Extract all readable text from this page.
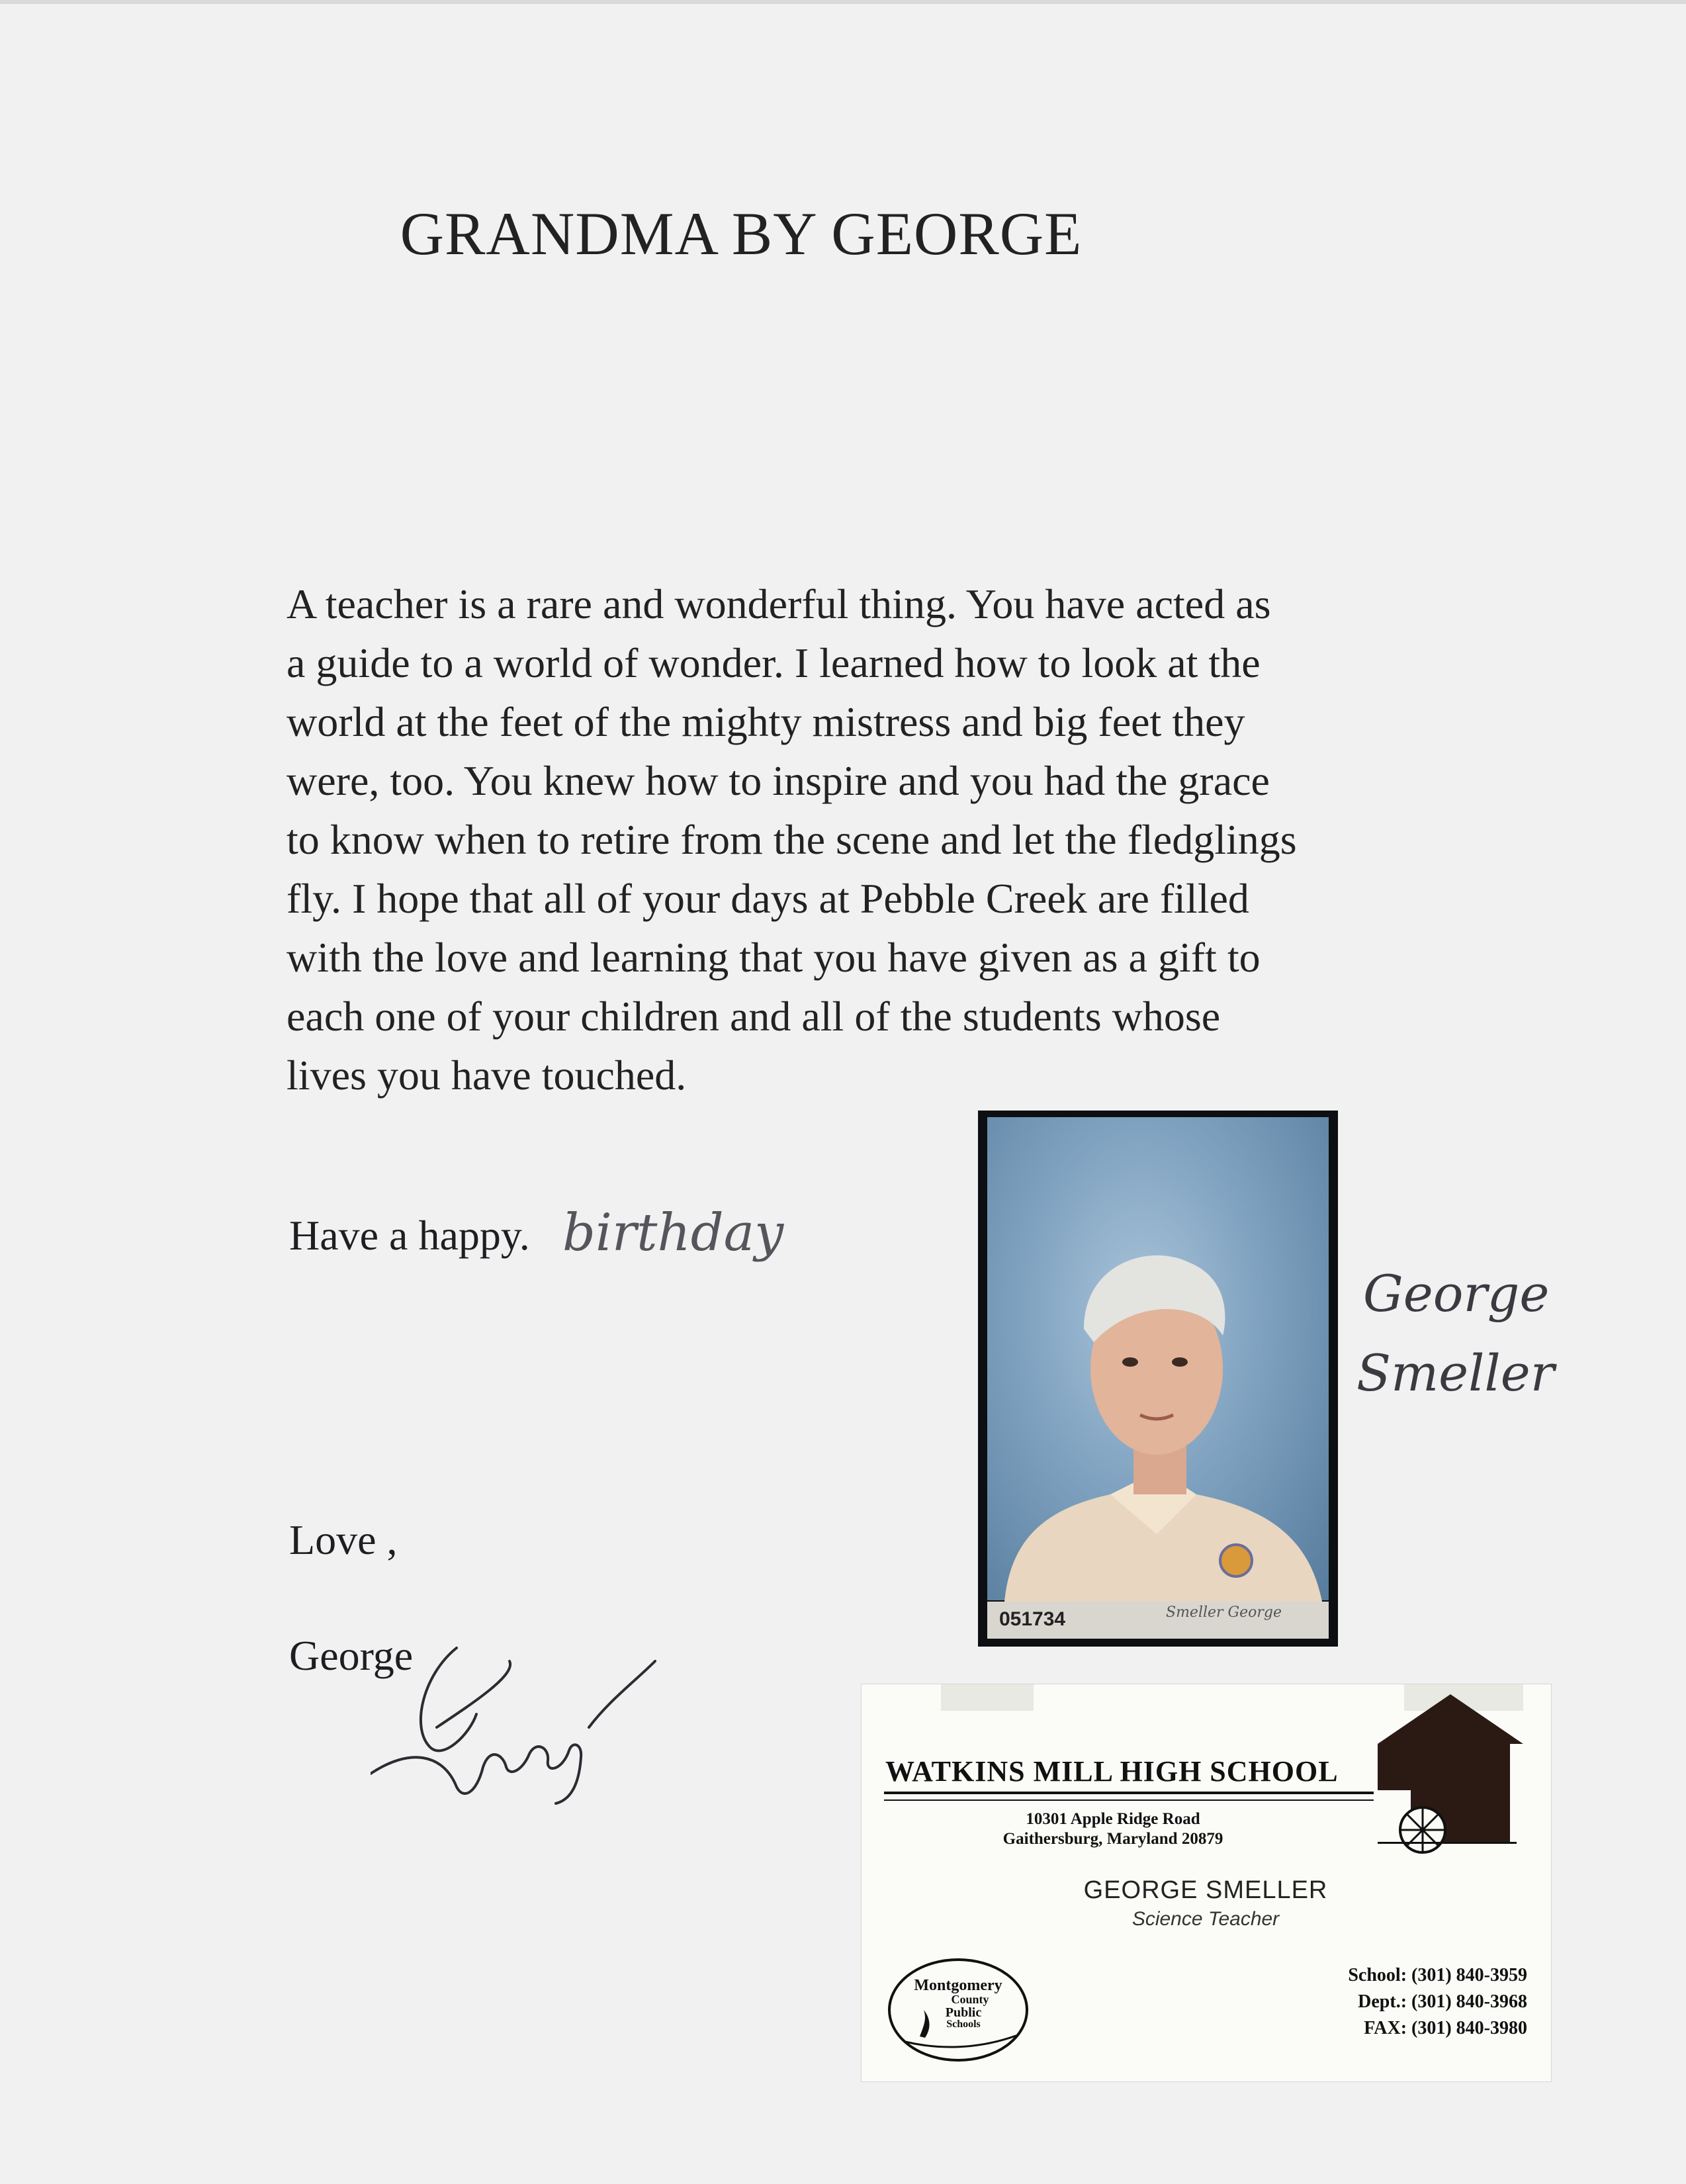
GRANDMA BY GEORGE
A teacher is a rare and wonderful thing. You have acted as
a guide to a world of wonder. I learned how to look at the
world at the feet of the mighty mistress and big feet they
were, too. You knew how to inspire and you had the grace
to know when to retire from the scene and let the fledglings
fly. I hope that all of your days at Pebble Creek are filled
with the love and learning that you have given as a gift to
each one of your children and all of the students whose
lives you have touched.
Have a happy. birthday
Love ,
George
051734	Smeller George
George
Smeller
WATKINS MILL HIGH SCHOOL
10301 Apple Ridge Road
Gaithersburg, Maryland 20879
GEORGE SMELLER
Science Teacher
Montgomery
County
Public
Schools
School: (301) 840-3959
Dept.: (301) 840-3968
FAX: (301) 840-3980
